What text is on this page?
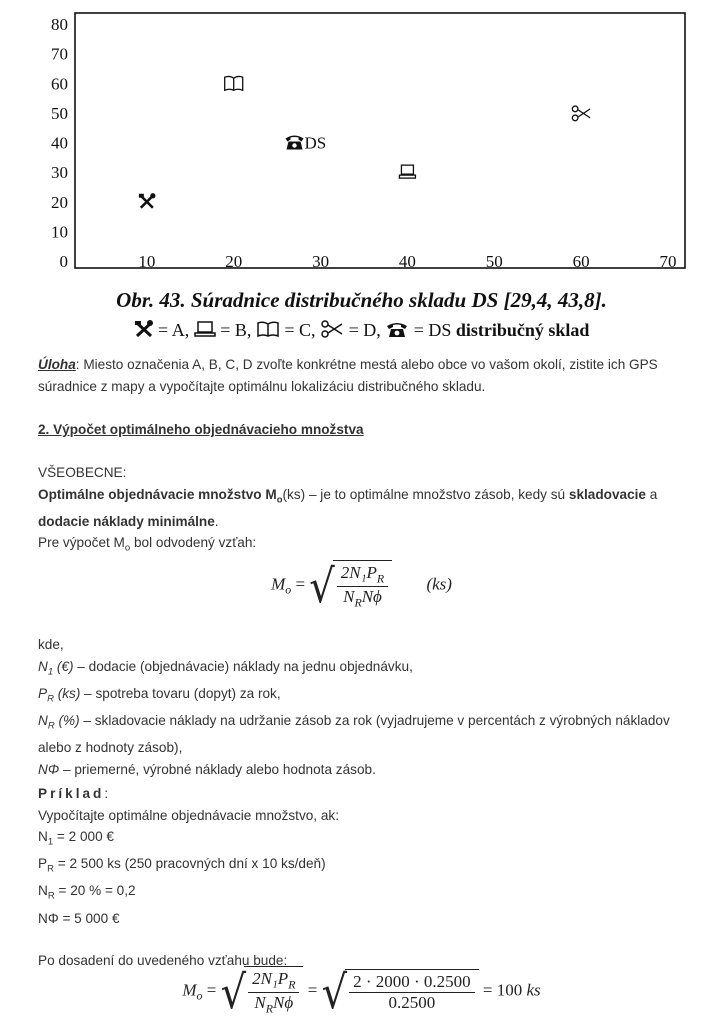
0
10
20
30
40
50
60
70
80
10	20	30	40	50	60	70
DS
Obr. 43. Súradnice distribučného skladu DS [29,4, 43,8].
= A, = B, = C, = D, = DS distribučný sklad
Úloha: Miesto označenia A, B, C, D zvoľte konkrétne mestá alebo obce vo vašom okolí, zistite ich GPS súradnice z mapy a vypočítajte optimálnu lokalizáciu distribučného skladu.
2. Výpočet optimálneho objednávacieho množstva
VŠEOBECNE:
Optimálne objednávacie množstvo $M_o(ks)$ – je to optimálne množstvo zásob, kedy sú skladovacie a dodacie náklady minimálne.
Pre výpočet $M_o$ bol odvodený vzťah:
$M_o$ = √ $\frac{2N_1P_R}{N_RN\phi} (ks)$
kde,
$N_1$ (€) – dodacie (objednávacie) náklady na jednu objednávku,
$P_R$ (ks) – spotreba tovaru (dopyt) za rok,
$N_R$ (%) – skladovacie náklady na udržanie zásob za rok (vyjadrujeme v percentách z výrobných nákladov alebo z hodnoty zásob),
NΦ – priemerné, výrobné náklady alebo hodnota zásob.
Príklad:
Vypočítajte optimálne objednávacie množstvo, ak:
$N_1 = 2$ 000 €
$P_R = 2$ 500 ks (250 pracovných dní x 10 ks/deň)
$N_R = 20$ % = 0,2
NΦ = 5 000 €
Po dosadení do uvedeného vzťahu bude:
$M_o$ = √ $\frac{2N_1P_R}{N_RN\phi}$ = √ $\frac{2 \cdot 2000 \cdot 0.2500}{0.2500} = 100$ ks
